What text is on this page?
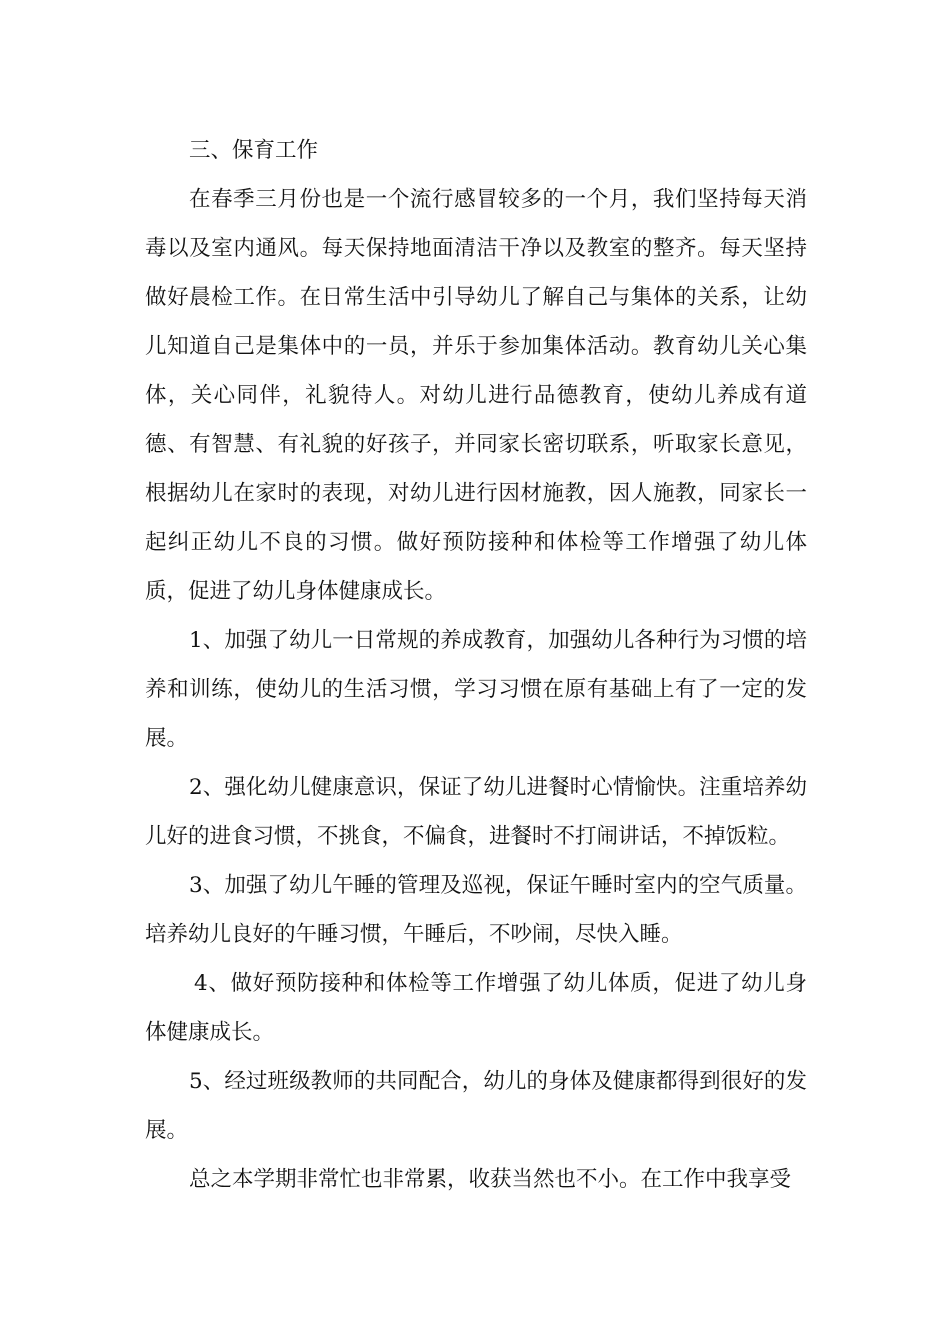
三、保育工作

在春季三月份也是一个流行感冒较多的一个月，我们坚持每天消毒以及室内通风。每天保持地面清洁干净以及教室的整齐。每天坚持做好晨检工作。在日常生活中引导幼儿了解自己与集体的关系，让幼儿知道自己是集体中的一员，并乐于参加集体活动。教育幼儿关心集体，关心同伴，礼貌待人。对幼儿进行品德教育，使幼儿养成有道德、有智慧、有礼貌的好孩子，并同家长密切联系，听取家长意见，根据幼儿在家时的表现，对幼儿进行因材施教，因人施教，同家长一起纠正幼儿不良的习惯。做好预防接种和体检等工作增强了幼儿体质，促进了幼儿身体健康成长。

1、加强了幼儿一日常规的养成教育，加强幼儿各种行为习惯的培养和训练，使幼儿的生活习惯，学习习惯在原有基础上有了一定的发展。

2、强化幼儿健康意识，保证了幼儿进餐时心情愉快。注重培养幼儿好的进食习惯，不挑食，不偏食，进餐时不打闹讲话，不掉饭粒。

3、加强了幼儿午睡的管理及巡视，保证午睡时室内的空气质量。培养幼儿良好的午睡习惯，午睡后，不吵闹，尽快入睡。

4、做好预防接种和体检等工作增强了幼儿体质，促进了幼儿身体健康成长。

5、经过班级教师的共同配合，幼儿的身体及健康都得到很好的发展。

总之本学期非常忙也非常累，收获当然也不小。在工作中我享受
